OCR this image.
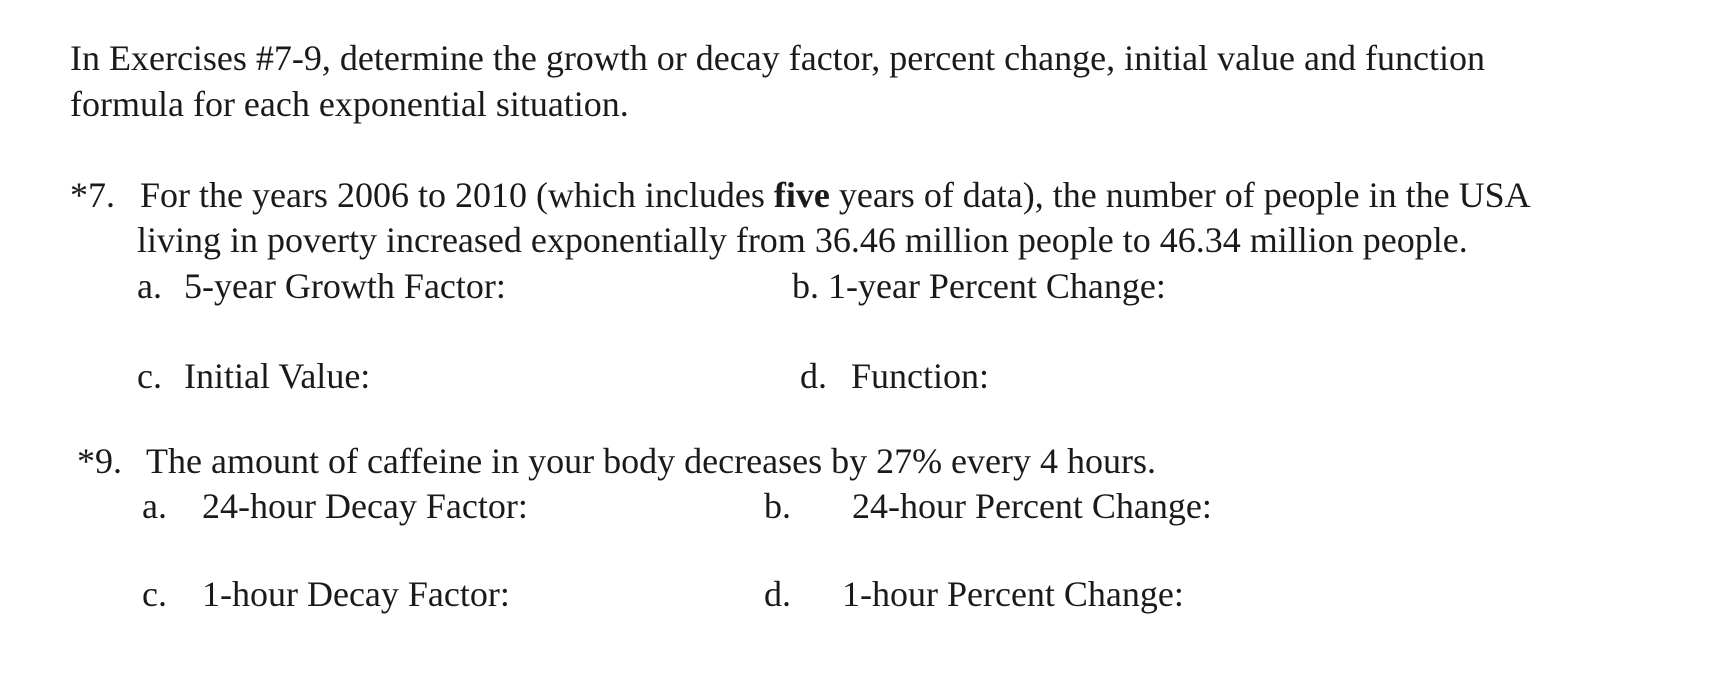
In Exercises #7-9, determine the growth or decay factor, percent change, initial value and function
formula for each exponential situation.
*7. For the years 2006 to 2010 (which includes five years of data), the number of people in the USA
living in poverty increased exponentially from 36.46 million people to 46.34 million people.
a. 5-year Growth Factor:	b. 1-year Percent Change:
c. Initial Value:	d. Function:
*9. The amount of caffeine in your body decreases by 27% every 4 hours.
a. 24-hour Decay Factor:	b. 24-hour Percent Change:
c. 1-hour Decay Factor:	d. 1-hour Percent Change:
